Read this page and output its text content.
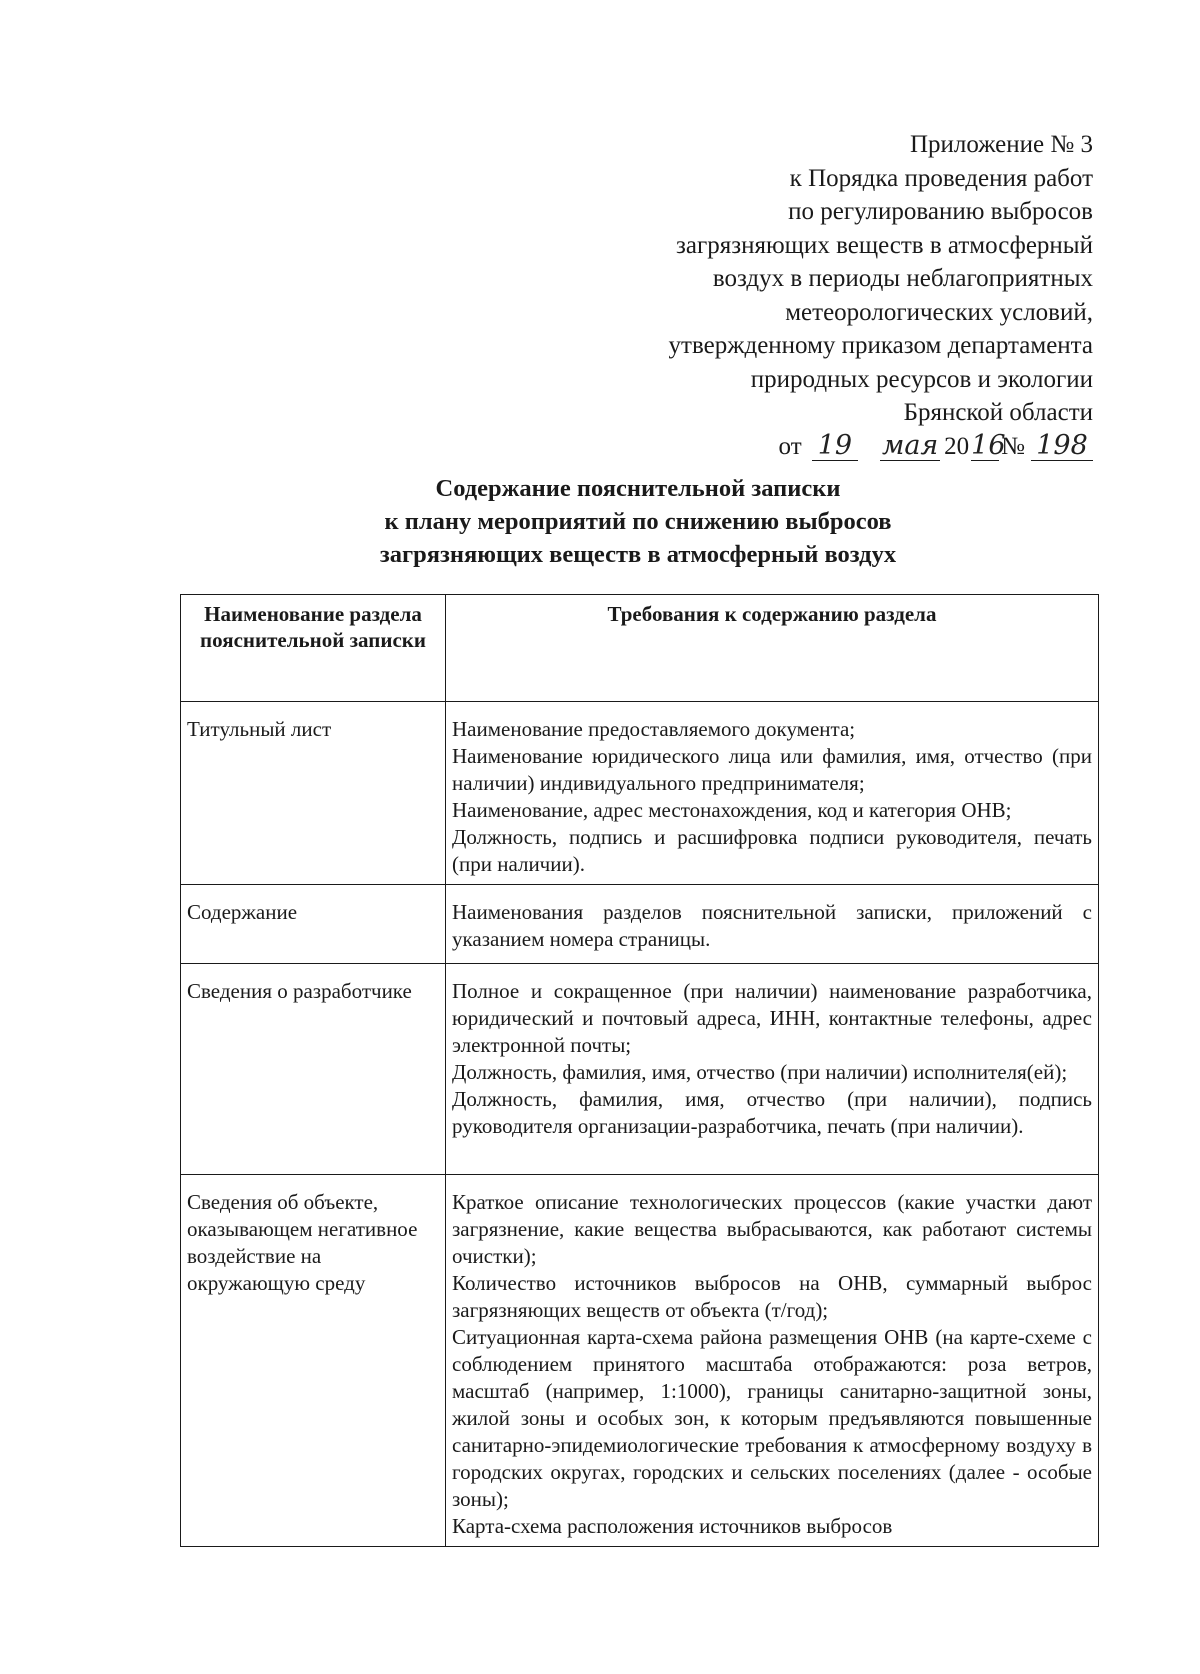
Приложение № 3
к Порядка проведения работ
по регулированию выбросов
загрязняющих веществ в атмосферный
воздух в периоды неблагоприятных
метеорологических условий,
утвержденному приказом департамента
природных ресурсов и экологии
Брянской области
от 19 мая 2016№ 198
Содержание пояснительной записки
к плану мероприятий по снижению выбросов
загрязняющих веществ в атмосферный воздух
Наименование раздела пояснительной записки	Требования к содержанию раздела
Титульный лист	Наименование предоставляемого документа;
Наименование юридического лица или фамилия, имя, отчество (при наличии) индивидуального предпринимателя;
Наименование, адрес местонахождения, код и категория ОНВ;
Должность, подпись и расшифровка подписи руководителя, печать (при наличии).

Содержание	Наименования разделов пояснительной записки, приложений с указанием номера страницы.

Сведения о разработчике	Полное и сокращенное (при наличии) наименование разработчика, юридический и почтовый адреса, ИНН, контактные телефоны, адрес электронной почты;
Должность, фамилия, имя, отчество (при наличии) исполнителя(ей);
Должность, фамилия, имя, отчество (при наличии), подпись руководителя организации-разработчика, печать (при наличии).

Сведения об объекте, оказывающем негативное воздействие на окружающую среду	Краткое описание технологических процессов (какие участки дают загрязнение, какие вещества выбрасываются, как работают системы очистки);
Количество источников выбросов на ОНВ, суммарный выброс загрязняющих веществ от объекта (т/год);
Ситуационная карта-схема района размещения ОНВ (на карте-схеме с соблюдением принятого масштаба отображаются: роза ветров, масштаб (например, 1:1000), границы санитарно-защитной зоны, жилой зоны и особых зон, к которым предъявляются повышенные санитарно-эпидемиологические требования к атмосферному воздуху в городских округах, городских и сельских поселениях (далее - особые зоны);
Карта-схема расположения источников выбросов
